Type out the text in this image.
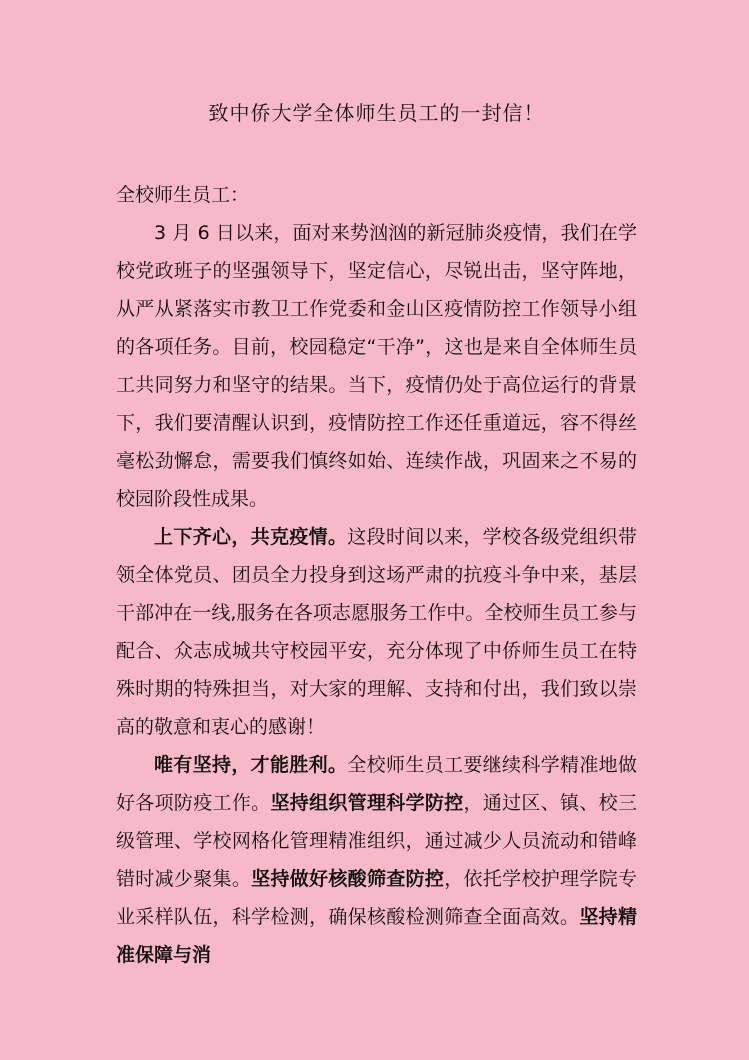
致中侨大学全体师生员工的一封信！

全校师生员工：

3 月 6 日以来，面对来势汹汹的新冠肺炎疫情，我们在学校党政班子的坚强领导下，坚定信心，尽锐出击，坚守阵地，从严从紧落实市教卫工作党委和金山区疫情防控工作领导小组的各项任务。目前，校园稳定“干净”，这也是来自全体师生员工共同努力和坚守的结果。当下，疫情仍处于高位运行的背景下，我们要清醒认识到，疫情防控工作还任重道远，容不得丝毫松劲懈怠，需要我们慎终如始、连续作战，巩固来之不易的校园阶段性成果。

上下齐心，共克疫情。这段时间以来，学校各级党组织带领全体党员、团员全力投身到这场严肃的抗疫斗争中来，基层干部冲在一线,服务在各项志愿服务工作中。全校师生员工参与配合、众志成城共守校园平安，充分体现了中侨师生员工在特殊时期的特殊担当，对大家的理解、支持和付出，我们致以崇高的敬意和衷心的感谢！

唯有坚持，才能胜利。全校师生员工要继续科学精准地做好各项防疫工作。坚持组织管理科学防控，通过区、镇、校三级管理、学校网格化管理精准组织，通过减少人员流动和错峰错时减少聚集。坚持做好核酸筛查防控，依托学校护理学院专业采样队伍，科学检测，确保核酸检测筛查全面高效。坚持精准保障与消
